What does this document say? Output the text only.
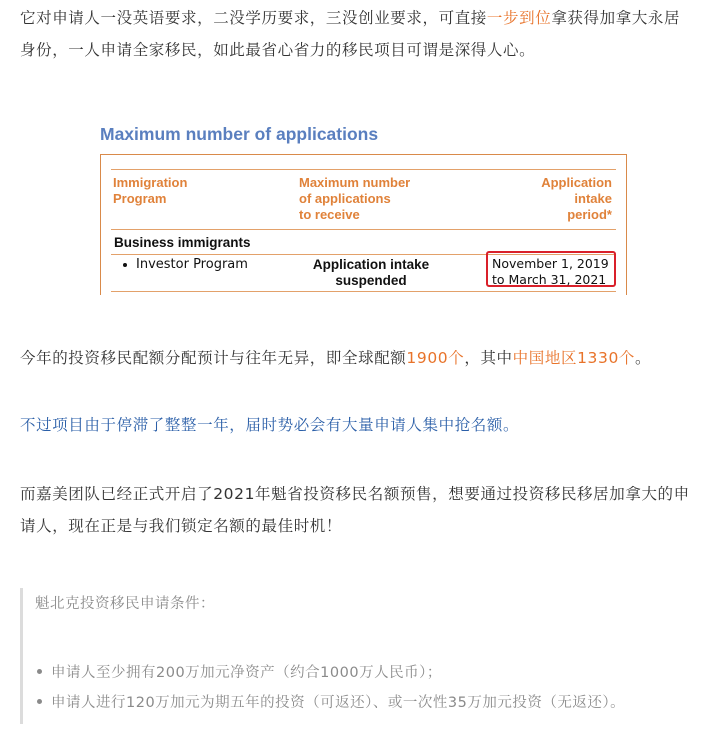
它对申请人一没英语要求，二没学历要求，三没创业要求，可直接一步到位拿获得加拿大永居身份，一人申请全家移民，如此最省心省力的移民项目可谓是深得人心。

Maximum number of applications
Immigration
Program
Maximum number
of applications
to receive
Application
intake
period*
Business immigrants
Investor Program	Application intake
suspended
November 1, 2019
to March 31, 2021

今年的投资移民配额分配预计与往年无异，即全球配额1900个，其中中国地区1330个。

不过项目由于停滞了整整一年，届时势必会有大量申请人集中抢名额。

而嘉美团队已经正式开启了2021年魁省投资移民名额预售，想要通过投资移民移居加拿大的申请人，现在正是与我们锁定名额的最佳时机！

魁北克投资移民申请条件：
申请人至少拥有200万加元净资产（约合1000万人民币）；
申请人进行120万加元为期五年的投资（可返还）、或一次性35万加元投资（无返还）。
